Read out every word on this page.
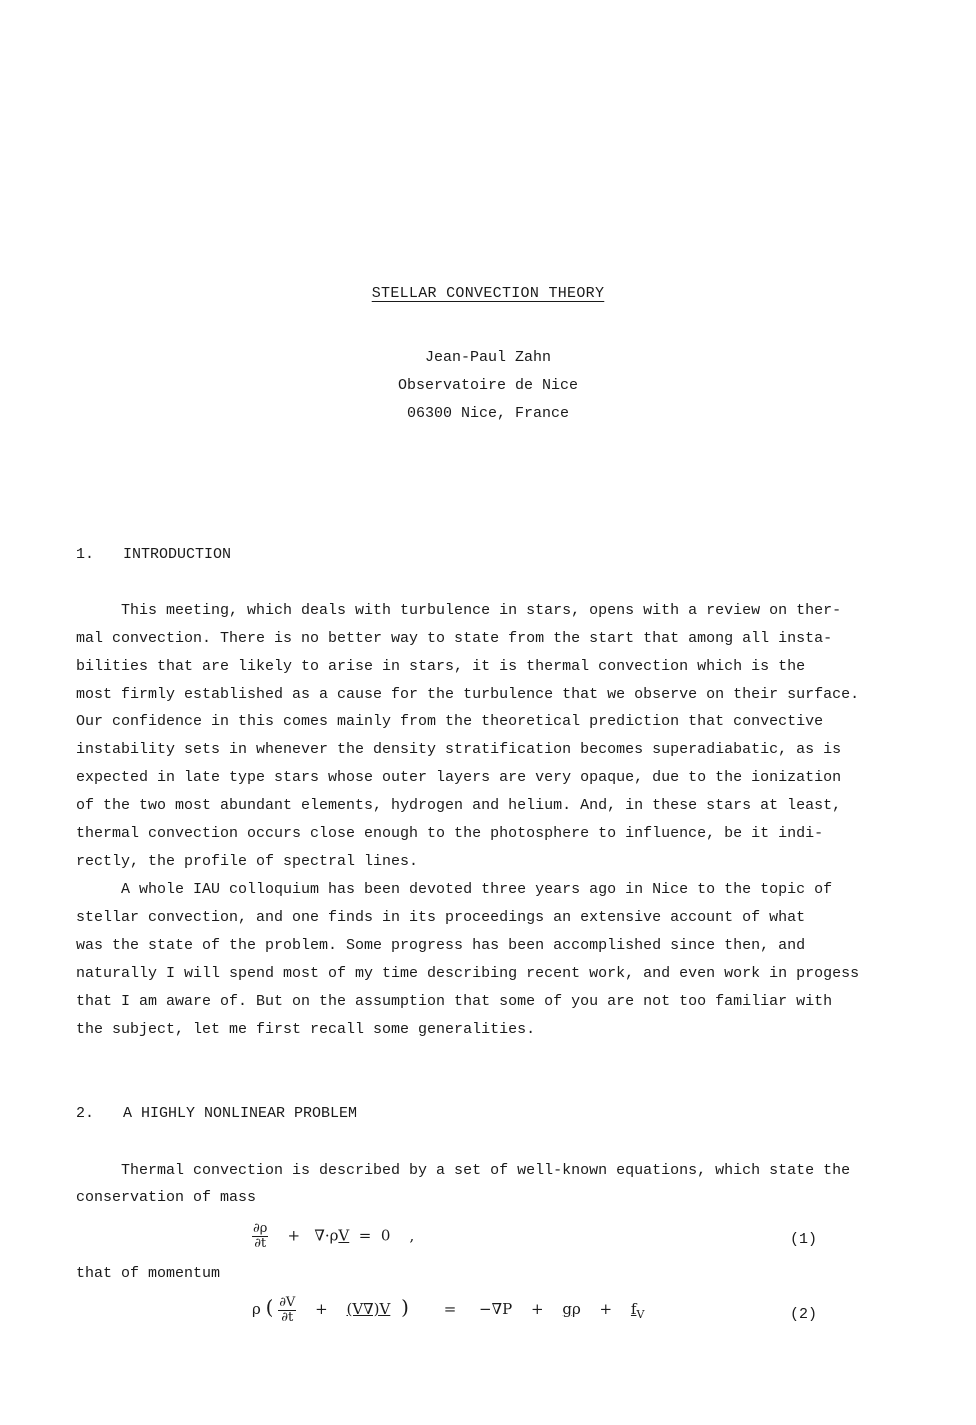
STELLAR CONVECTION THEORY
Jean-Paul Zahn
Observatoire de Nice
06300 Nice, France
1. INTRODUCTION
This meeting, which deals with turbulence in stars, opens with a review on ther-
mal convection. There is no better way to state from the start that among all insta-
bilities that are likely to arise in stars, it is thermal convection which is the
most firmly established as a cause for the turbulence that we observe on their surface.
Our confidence in this comes mainly from the theoretical prediction that convective
instability sets in whenever the density stratification becomes superadiabatic, as is
expected in late type stars whose outer layers are very opaque, due to the ionization
of the two most abundant elements, hydrogen and helium. And, in these stars at least,
thermal convection occurs close enough to the photosphere to influence, be it indi-
rectly, the profile of spectral lines.
A whole IAU colloquium has been devoted three years ago in Nice to the topic of
stellar convection, and one finds in its proceedings an extensive account of what
was the state of the problem. Some progress has been accomplished since then, and
naturally I will spend most of my time describing recent work, and even work in progess
that I am aware of. But on the assumption that some of you are not too familiar with
the subject, let me first recall some generalities.
2. A HIGHLY NONLINEAR PROBLEM
Thermal convection is described by a set of well-known equations, which state the
conservation of mass
$\frac{\partial\rho}{\partial t} + \nabla\cdot\rho V = 0$    ,	(1)
that of momentum
ρ ( $\frac{\partial V}{\partial t} + (V\nabla)V$ ) = $-\nabla P + g\rho + f_V$	(2)
